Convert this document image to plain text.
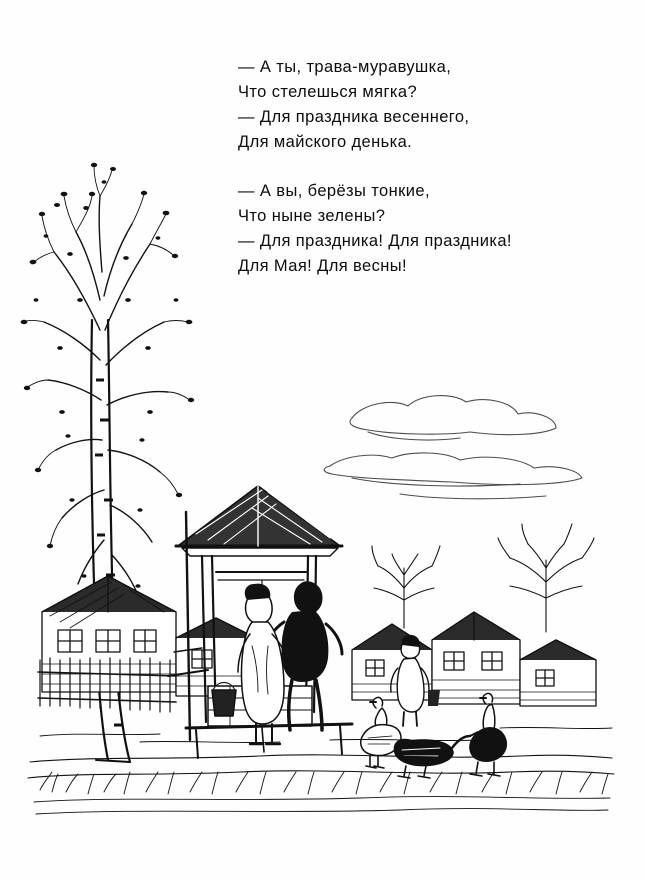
— А ты, трава-муравушка,
Что стелешься мягка?
— Для праздника весеннего,
Для майского денька.
— А вы, берёзы тонкие,
Что ныне зелены?
— Для праздника! Для праздника!
Для Мая! Для весны!
